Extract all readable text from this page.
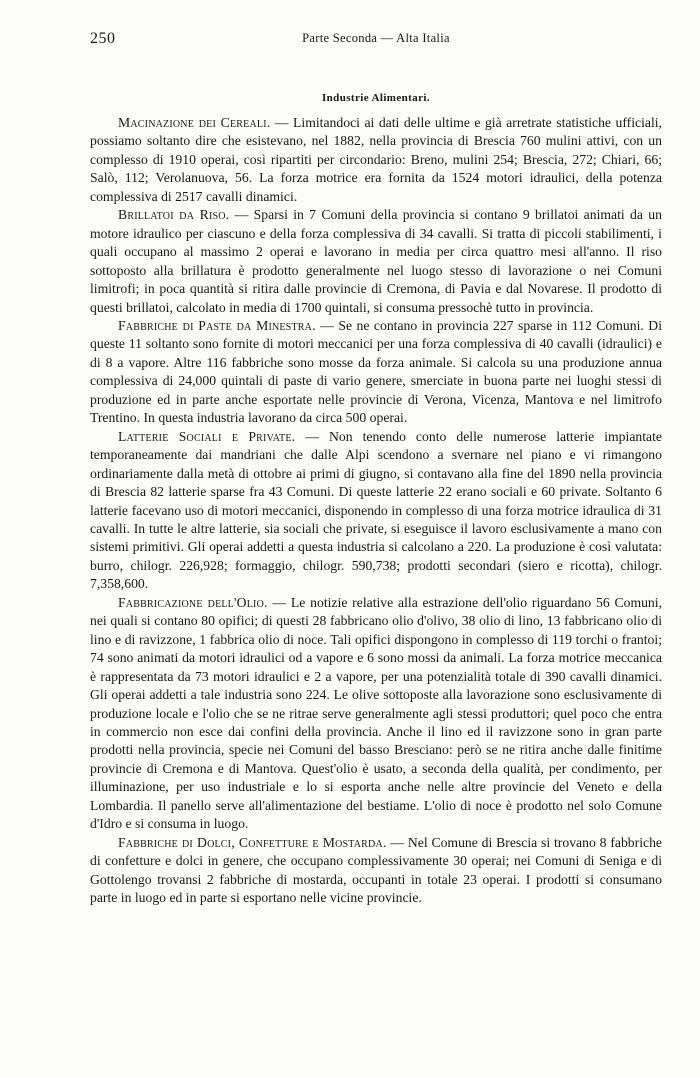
250	Parte Seconda — Alta Italia
Industrie Alimentari.

Macinazione dei Cereali. — Limitandoci ai dati delle ultime e già arretrate statistiche ufficiali, possiamo soltanto dire che esistevano, nel 1882, nella provincia di Brescia 760 mulini attivi, con un complesso di 1910 operai, così ripartiti per circondario: Breno, mulini 254; Brescia, 272; Chiari, 66; Salò, 112; Verolanuova, 56. La forza motrice era fornita da 1524 motori idraulici, della potenza complessiva di 2517 cavalli dinamici.

Brillatoi da Riso. — Sparsi in 7 Comuni della provincia si contano 9 brillatoi animati da un motore idraulico per ciascuno e della forza complessiva di 34 cavalli. Si tratta di piccoli stabilimenti, i quali occupano al massimo 2 operai e lavorano in media per circa quattro mesi all'anno. Il riso sottoposto alla brillatura è prodotto generalmente nel luogo stesso di lavorazione o nei Comuni limitrofi; in poca quantità si ritira dalle provincie di Cremona, di Pavia e dal Novarese. Il prodotto di questi brillatoi, calcolato in media di 1700 quintali, si consuma pressochè tutto in provincia.

Fabbriche di Paste da Minestra. — Se ne contano in provincia 227 sparse in 112 Comuni. Di queste 11 soltanto sono fornite di motori meccanici per una forza complessiva di 40 cavalli (idraulici) e di 8 a vapore. Altre 116 fabbriche sono mosse da forza animale. Si calcola su una produzione annua complessiva di 24,000 quintali di paste di vario genere, smerciate in buona parte nei luoghi stessi di produzione ed in parte anche esportate nelle provincie di Verona, Vicenza, Mantova e nel limitrofo Trentino. In questa industria lavorano da circa 500 operai.

Latterie Sociali e Private. — Non tenendo conto delle numerose latterie impiantate temporaneamente dai mandriani che dalle Alpi scendono a svernare nel piano e vi rimangono ordinariamente dalla metà di ottobre ai primi di giugno, si contavano alla fine del 1890 nella provincia di Brescia 82 latterie sparse fra 43 Comuni. Di queste latterie 22 erano sociali e 60 private. Soltanto 6 latterie facevano uso di motori meccanici, disponendo in complesso di una forza motrice idraulica di 31 cavalli. In tutte le altre latterie, sia sociali che private, si eseguisce il lavoro esclusivamente a mano con sistemi primitivi. Gli operai addetti a questa industria si calcolano a 220. La produzione è così valutata: burro, chilogr. 226,928; formaggio, chilogr. 590,738; prodotti secondari (siero e ricotta), chilogr. 7,358,600.

Fabbricazione dell'Olio. — Le notizie relative alla estrazione dell'olio riguardano 56 Comuni, nei quali si contano 80 opifici; di questi 28 fabbricano olio d'olivo, 38 olio di lino, 13 fabbricano olio di lino e di ravizzone, 1 fabbrica olio di noce. Tali opifici dispongono in complesso di 119 torchi o frantoi; 74 sono animati da motori idraulici od a vapore e 6 sono mossi da animali. La forza motrice meccanica è rappresentata da 73 motori idraulici e 2 a vapore, per una potenzialità totale di 390 cavalli dinamici. Gli operai addetti a tale industria sono 224. Le olive sottoposte alla lavorazione sono esclusivamente di produzione locale e l'olio che se ne ritrae serve generalmente agli stessi produttori; quel poco che entra in commercio non esce dai confini della provincia. Anche il lino ed il ravizzone sono in gran parte prodotti nella provincia, specie nei Comuni del basso Bresciano: però se ne ritira anche dalle finitime provincie di Cremona e di Mantova. Quest'olio è usato, a seconda della qualità, per condimento, per illuminazione, per uso industriale e lo si esporta anche nelle altre provincie del Veneto e della Lombardia. Il panello serve all'alimentazione del bestiame. L'olio di noce è prodotto nel solo Comune d'Idro e si consuma in luogo.

Fabbriche di Dolci, Confetture e Mostarda. — Nel Comune di Brescia si trovano 8 fabbriche di confetture e dolci in genere, che occupano complessivamente 30 operai; nei Comuni di Seniga e di Gottolengo trovansi 2 fabbriche di mostarda, occupanti in totale 23 operai. I prodotti si consumano parte in luogo ed in parte si esportano nelle vicine provincie.
